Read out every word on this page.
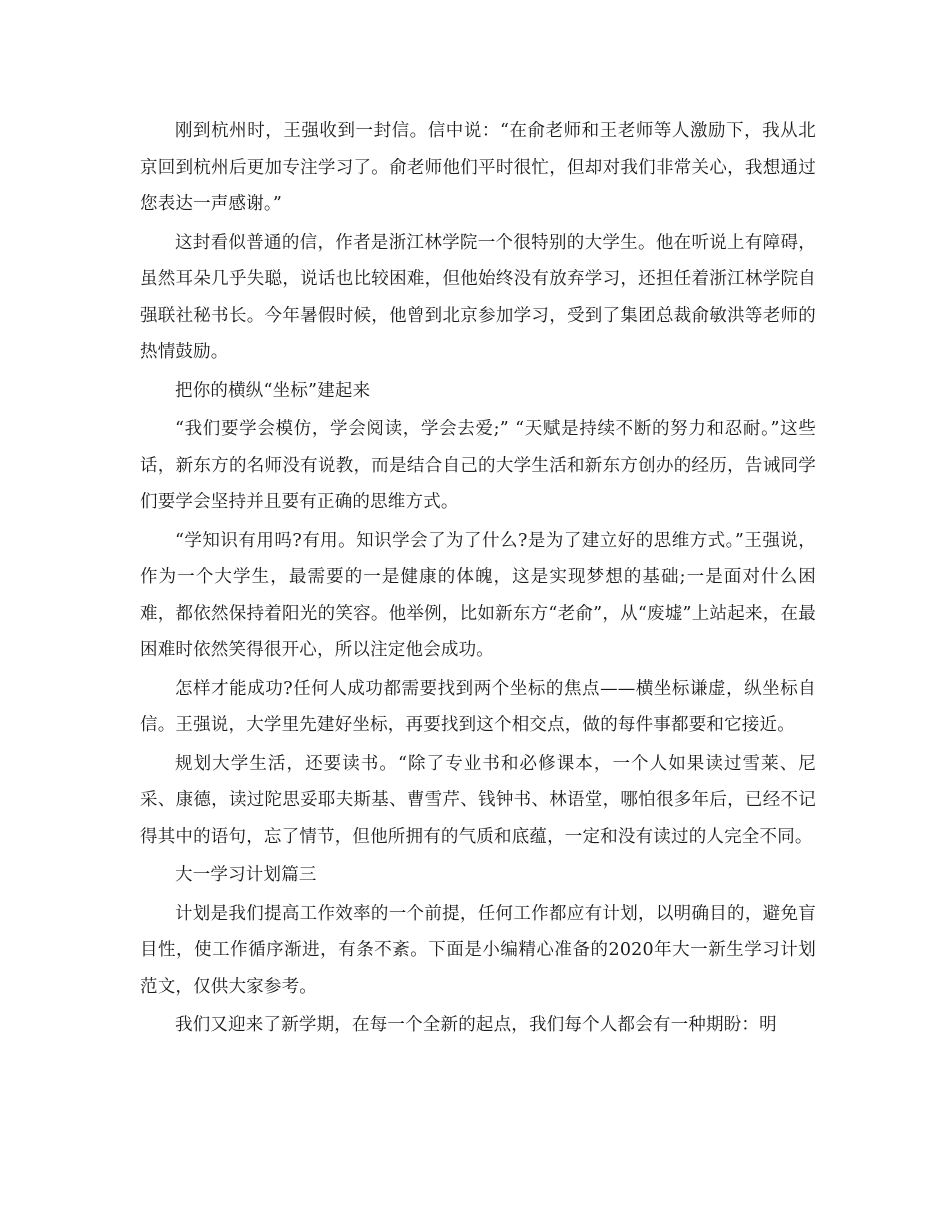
刚到杭州时，王强收到一封信。信中说：“在俞老师和王老师等人激励下，我从北京回到杭州后更加专注学习了。俞老师他们平时很忙，但却对我们非常关心，我想通过您表达一声感谢。”

这封看似普通的信，作者是浙江林学院一个很特别的大学生。他在听说上有障碍，虽然耳朵几乎失聪，说话也比较困难，但他始终没有放弃学习，还担任着浙江林学院自强联社秘书长。今年暑假时候，他曾到北京参加学习，受到了集团总裁俞敏洪等老师的热情鼓励。

把你的横纵“坐标”建起来

“我们要学会模仿，学会阅读，学会去爱;” “天赋是持续不断的努力和忍耐。”这些话，新东方的名师没有说教，而是结合自己的大学生活和新东方创办的经历，告诫同学们要学会坚持并且要有正确的思维方式。

“学知识有用吗?有用。知识学会了为了什么?是为了建立好的思维方式。”王强说，作为一个大学生，最需要的一是健康的体魄，这是实现梦想的基础;一是面对什么困难，都依然保持着阳光的笑容。他举例，比如新东方“老俞”，从“废墟”上站起来，在最困难时依然笑得很开心，所以注定他会成功。

怎样才能成功?任何人成功都需要找到两个坐标的焦点——横坐标谦虚，纵坐标自信。王强说，大学里先建好坐标，再要找到这个相交点，做的每件事都要和它接近。

规划大学生活，还要读书。“除了专业书和必修课本，一个人如果读过雪莱、尼采、康德，读过陀思妥耶夫斯基、曹雪芹、钱钟书、林语堂，哪怕很多年后，已经不记得其中的语句，忘了情节，但他所拥有的气质和底蕴，一定和没有读过的人完全不同。

大一学习计划篇三

计划是我们提高工作效率的一个前提，任何工作都应有计划，以明确目的，避免盲目性，使工作循序渐进，有条不紊。下面是小编精心准备的2020年大一新生学习计划范文，仅供大家参考。

我们又迎来了新学期，在每一个全新的起点，我们每个人都会有一种期盼：明
